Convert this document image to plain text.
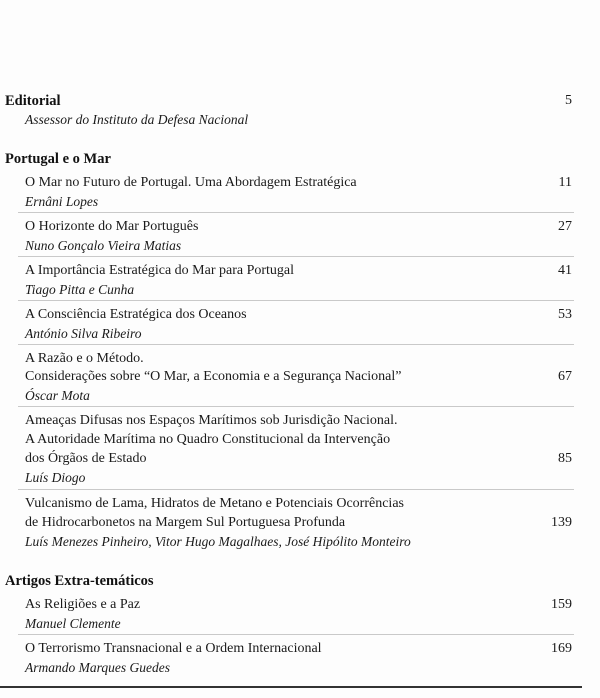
Editorial	5
Assessor do Instituto da Defesa Nacional
Portugal e o Mar
O Mar no Futuro de Portugal. Uma Abordagem Estratégica	11
Ernâni Lopes
O Horizonte do Mar Português	27
Nuno Gonçalo Vieira Matias
A Importância Estratégica do Mar para Portugal	41
Tiago Pitta e Cunha
A Consciência Estratégica dos Oceanos	53
António Silva Ribeiro
A Razão e o Método.
Considerações sobre “O Mar, a Economia e a Segurança Nacional”	67
Óscar Mota
Ameaças Difusas nos Espaços Marítimos sob Jurisdição Nacional.
A Autoridade Marítima no Quadro Constitucional da Intervenção
dos Órgãos de Estado	85
Luís Diogo
Vulcanismo de Lama, Hidratos de Metano e Potenciais Ocorrências
de Hidrocarbonetos na Margem Sul Portuguesa Profunda	139
Luís Menezes Pinheiro, Vitor Hugo Magalhaes, José Hipólito Monteiro
Artigos Extra-temáticos
As Religiões e a Paz	159
Manuel Clemente
O Terrorismo Transnacional e a Ordem Internacional	169
Armando Marques Guedes
